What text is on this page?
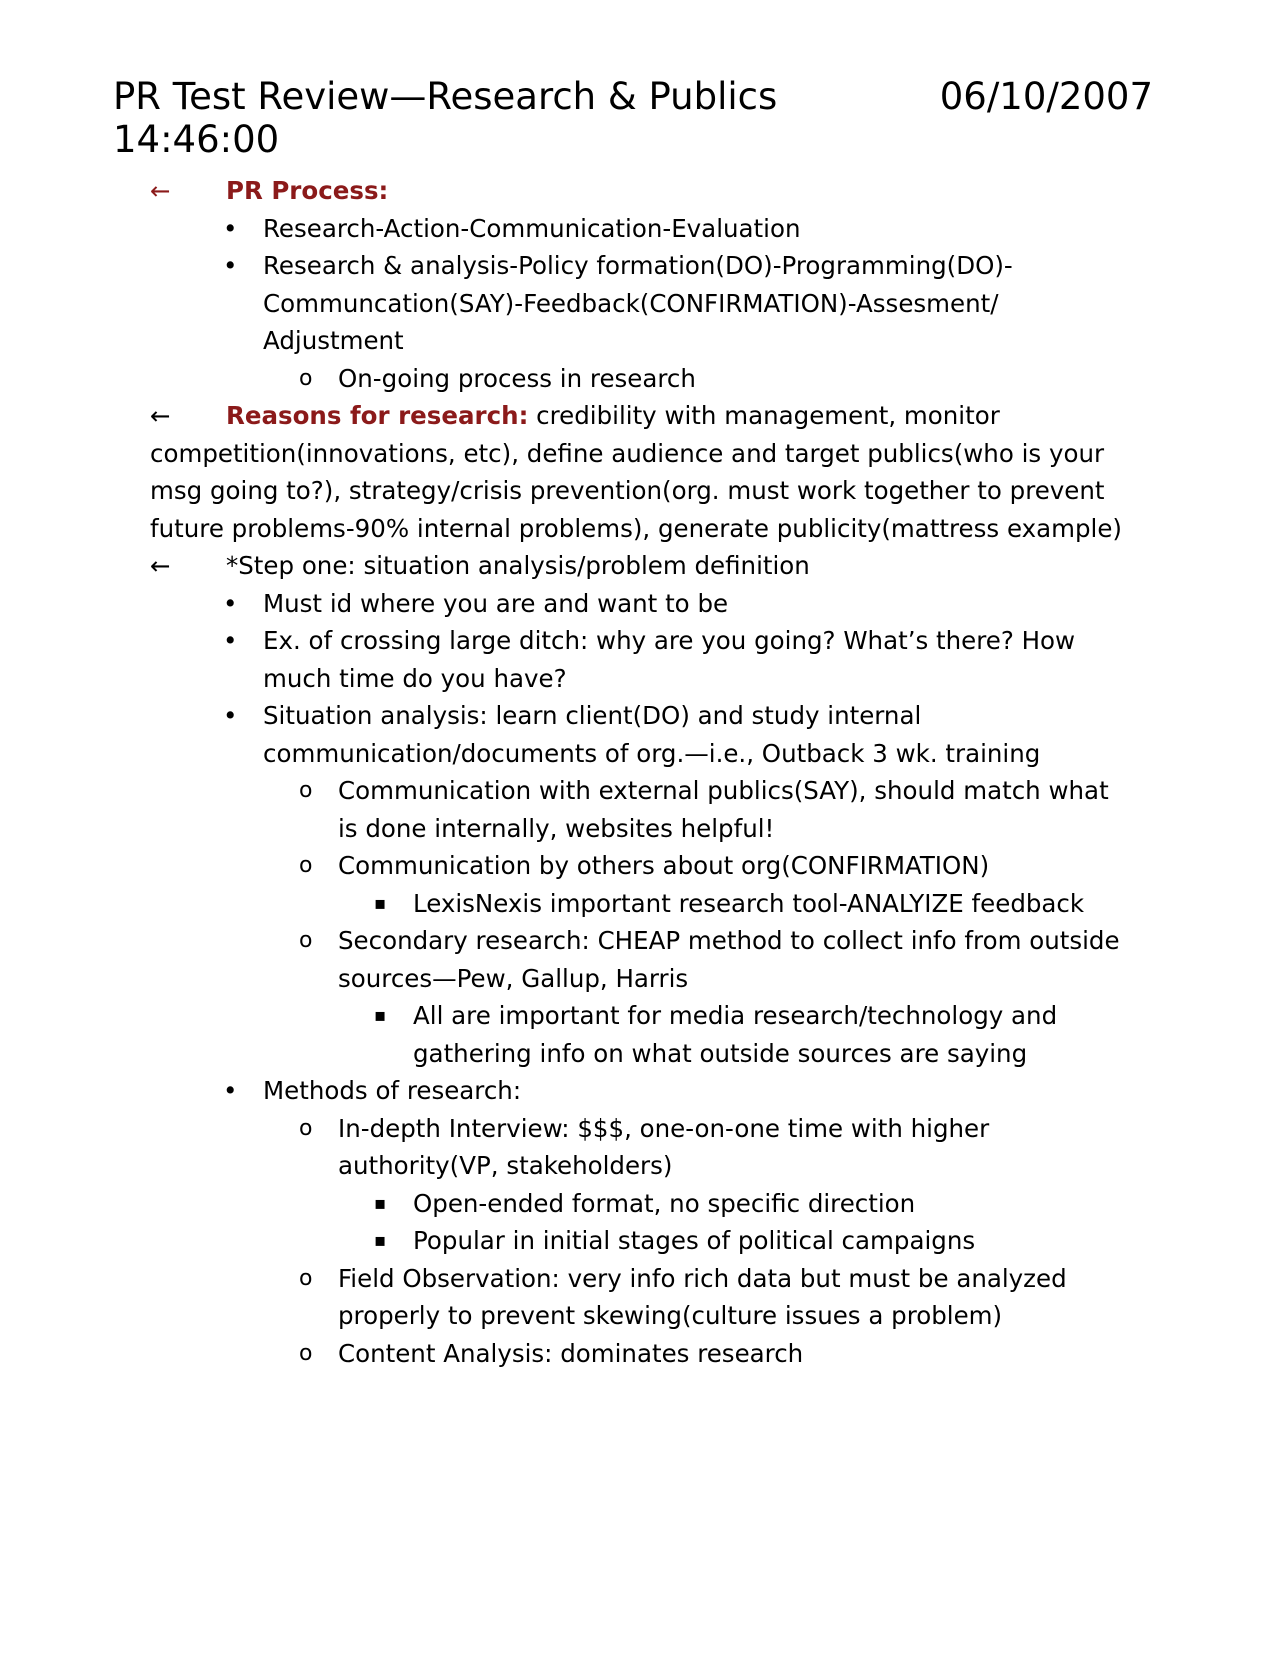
PR Test Review—Research & Publics	06/10/2007
14:46:00
←	PR Process:
• Research-Action-Communication-Evaluation
• Research & analysis-Policy formation(DO)-Programming(DO)-Communcation(SAY)-Feedback(CONFIRMATION)-Assesment/ Adjustment
o On-going process in research
←	Reasons for research: credibility with management, monitor competition(innovations, etc), define audience and target publics(who is your msg going to?), strategy/crisis prevention(org. must work together to prevent future problems-90% internal problems), generate publicity(mattress example)
←	*Step one: situation analysis/problem definition
• Must id where you are and want to be
• Ex. of crossing large ditch: why are you going? What’s there? How much time do you have?
• Situation analysis: learn client(DO) and study internal communication/documents of org.—i.e., Outback 3 wk. training
o Communication with external publics(SAY), should match what is done internally, websites helpful!
o Communication by others about org(CONFIRMATION)
▪ LexisNexis important research tool-ANALYIZE feedback
o Secondary research: CHEAP method to collect info from outside sources—Pew, Gallup, Harris
▪ All are important for media research/technology and gathering info on what outside sources are saying
• Methods of research:
o In-depth Interview: $$$, one-on-one time with higher authority(VP, stakeholders)
▪ Open-ended format, no specific direction
▪ Popular in initial stages of political campaigns
o Field Observation: very info rich data but must be analyzed properly to prevent skewing(culture issues a problem)
o Content Analysis: dominates research
